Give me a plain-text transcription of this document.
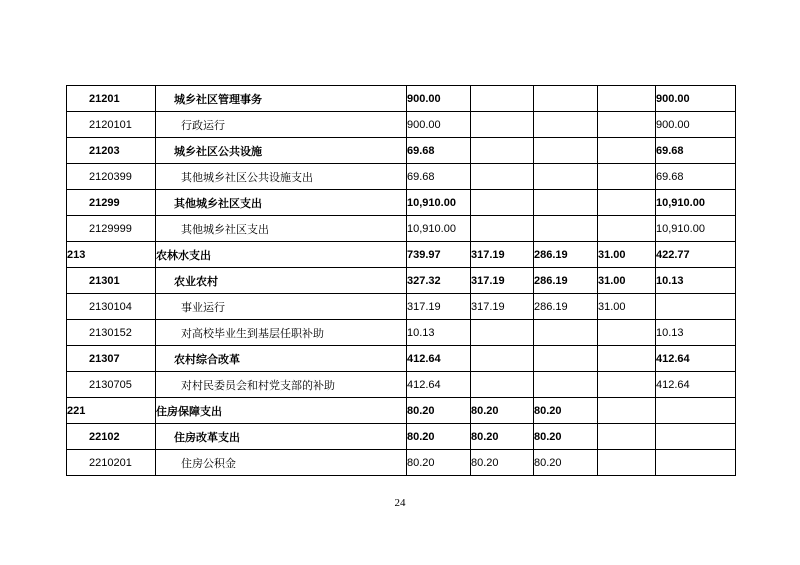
21201	城乡社区管理事务	900.00				900.00
2120101	行政运行	900.00				900.00
21203	城乡社区公共设施	69.68				69.68
2120399	其他城乡社区公共设施支出	69.68				69.68
21299	其他城乡社区支出	10,910.00				10,910.00
2129999	其他城乡社区支出	10,910.00				10,910.00
213	农林水支出	739.97	317.19	286.19	31.00	422.77
21301	农业农村	327.32	317.19	286.19	31.00	10.13
2130104	事业运行	317.19	317.19	286.19	31.00	
2130152	对高校毕业生到基层任职补助	10.13				10.13
21307	农村综合改革	412.64				412.64
2130705	对村民委员会和村党支部的补助	412.64				412.64
221	住房保障支出	80.20	80.20	80.20		
22102	住房改革支出	80.20	80.20	80.20		
2210201	住房公积金	80.20	80.20	80.20		
24
